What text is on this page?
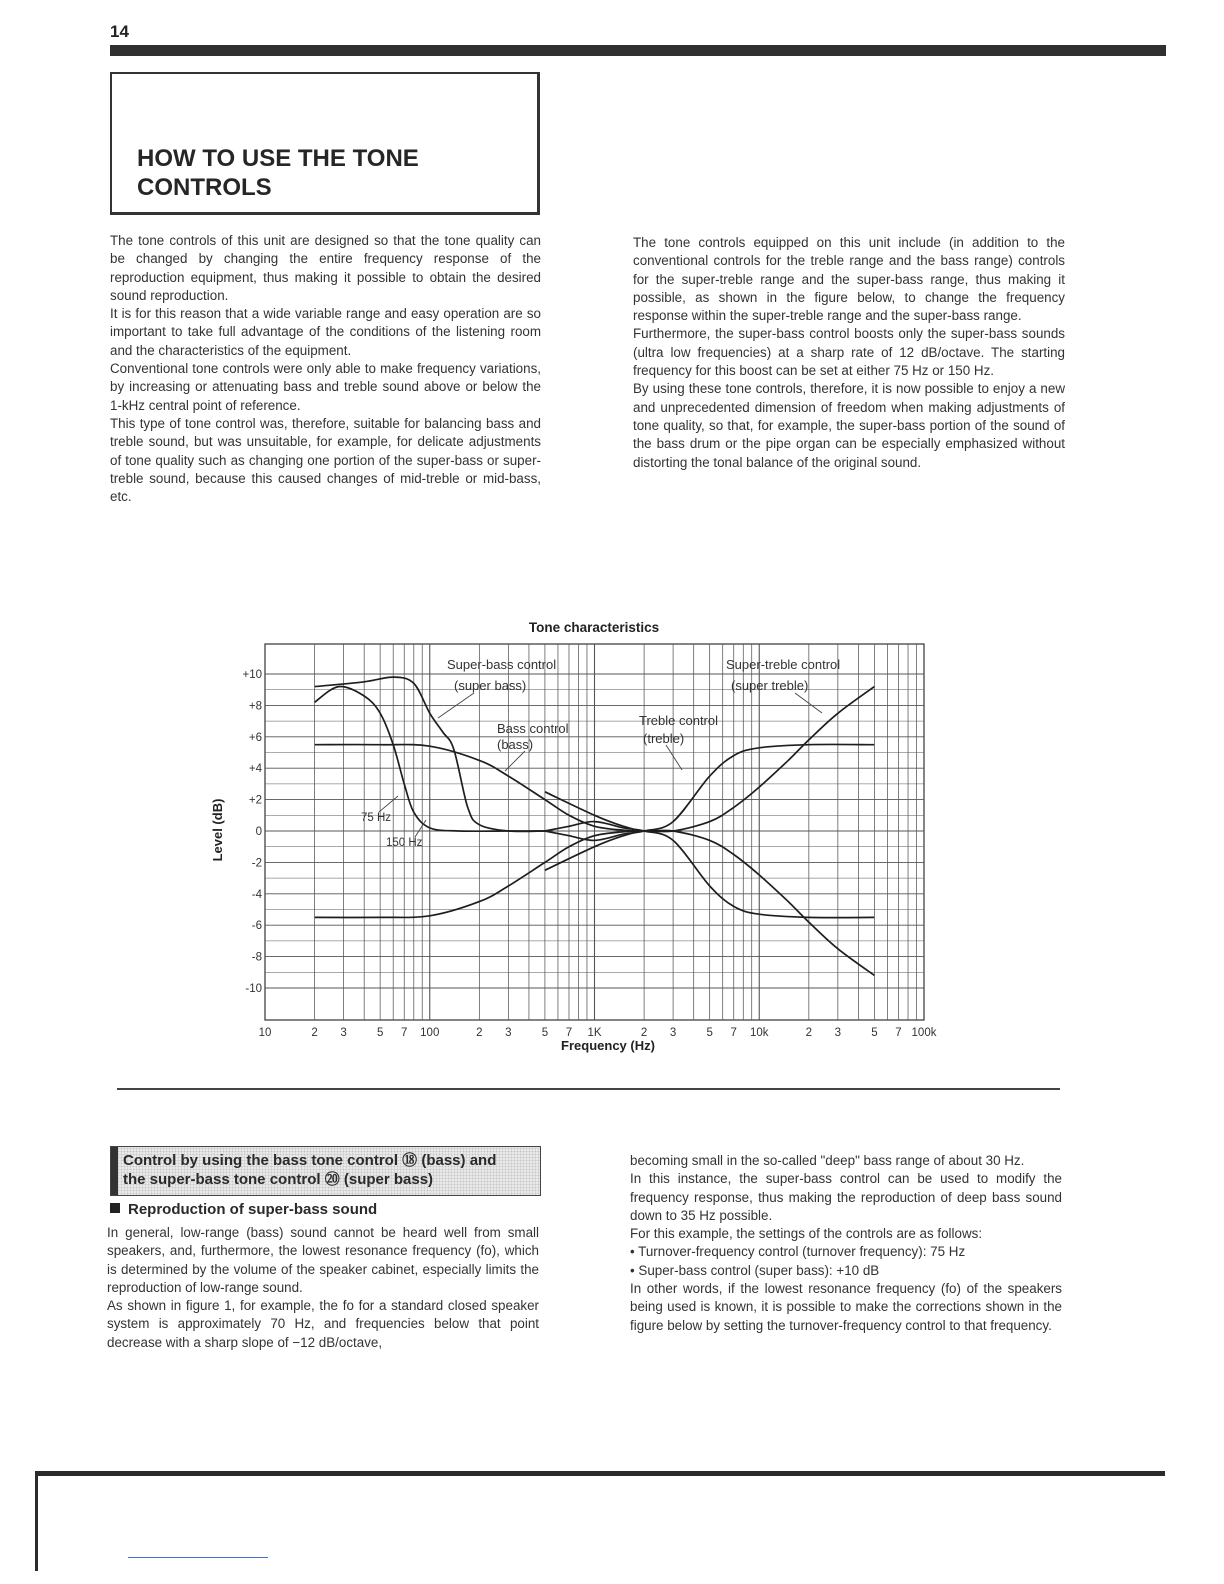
14
HOW TO USE THE TONE CONTROLS

The tone controls of this unit are designed so that the tone quality can be changed by changing the entire frequency response of the reproduction equipment, thus making it possible to obtain the desired sound reproduction.

It is for this reason that a wide variable range and easy operation are so important to take full advantage of the conditions of the listening room and the characteristics of the equipment.

Conventional tone controls were only able to make frequency variations, by increasing or attenuating bass and treble sound above or below the 1-kHz central point of reference.

This type of tone control was, therefore, suitable for balancing bass and treble sound, but was unsuitable, for example, for delicate adjustments of tone quality such as changing one portion of the super-bass or super-treble sound, because this caused changes of mid-treble or mid-bass, etc.

The tone controls equipped on this unit include (in addition to the conventional controls for the treble range and the bass range) controls for the super-treble range and the super-bass range, thus making it possible, as shown in the figure below, to change the frequency response within the super-treble range and the super-bass range.

Furthermore, the super-bass control boosts only the super-bass sounds (ultra low frequencies) at a sharp rate of 12 dB/octave. The starting frequency for this boost can be set at either 75 Hz or 150 Hz.

By using these tone controls, therefore, it is now possible to enjoy a new and unprecedented dimension of freedom when making adjustments of tone quality, so that, for example, the super-bass portion of the sound of the bass drum or the pipe organ can be especially emphasized without distorting the tonal balance of the original sound.

Tone characteristics
10	2 3	5 7 100	2 3	5 7 1K	2 3	5 7 10k	2 3	5 7 100k
+10
+8
+6
+4
+2
0
-2
-4
-6
-8
-10
Super-bass control
(super bass)
Bass control
(bass)
Treble control
(treble)
Super-treble control
(super treble)
75 Hz
150 Hz
Level (dB)
Frequency (Hz)
Control by using the bass tone control ⑱ (bass) and
the super-bass tone control ⑳ (super bass)
Reproduction of super-bass sound

In general, low-range (bass) sound cannot be heard well from small speakers, and, furthermore, the lowest resonance frequency (fo), which is determined by the volume of the speaker cabinet, especially limits the reproduction of low-range sound.

As shown in figure 1, for example, the fo for a standard closed speaker system is approximately 70 Hz, and frequencies below that point decrease with a sharp slope of −12 dB/octave,

becoming small in the so-called "deep" bass range of about 30 Hz.

In this instance, the super-bass control can be used to modify the frequency response, thus making the reproduction of deep bass sound down to 35 Hz possible.

For this example, the settings of the controls are as follows:

• Turnover-frequency control (turnover frequency): 75 Hz

• Super-bass control (super bass): +10 dB

In other words, if the lowest resonance frequency (fo) of the speakers being used is known, it is possible to make the corrections shown in the figure below by setting the turnover-frequency control to that frequency.
